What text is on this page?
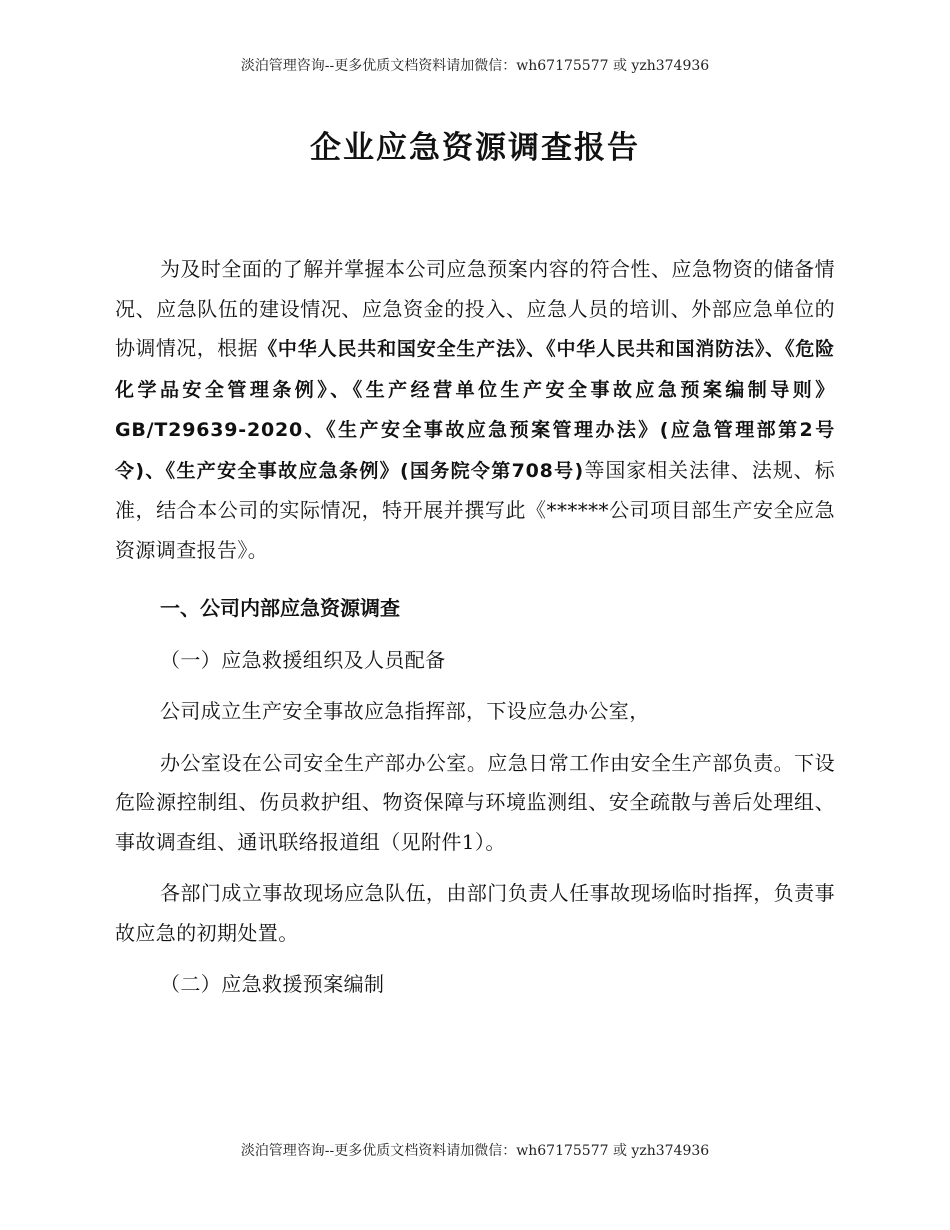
淡泊管理咨询--更多优质文档资料请加微信：wh67175577 或 yzh374936
企业应急资源调查报告

为及时全面的了解并掌握本公司应急预案内容的符合性、应急物资的储备情况、应急队伍的建设情况、应急资金的投入、应急人员的培训、外部应急单位的协调情况，根据《中华人民共和国安全生产法》、《中华人民共和国消防法》、《危险化学品安全管理条例》、《生产经营单位生产安全事故应急预案编制导则》GB/T29639-2020、《生产安全事故应急预案管理办法》(应急管理部第2号令)、《生产安全事故应急条例》(国务院令第708号)等国家相关法律、法规、标准，结合本公司的实际情况，特开展并撰写此《******公司项目部生产安全应急资源调查报告》。

一、公司内部应急资源调查

（一）应急救援组织及人员配备

公司成立生产安全事故应急指挥部，下设应急办公室，

办公室设在公司安全生产部办公室。应急日常工作由安全生产部负责。下设危险源控制组、伤员救护组、物资保障与环境监测组、安全疏散与善后处理组、事故调查组、通讯联络报道组（见附件1）。

各部门成立事故现场应急队伍，由部门负责人任事故现场临时指挥，负责事故应急的初期处置。

（二）应急救援预案编制

淡泊管理咨询--更多优质文档资料请加微信：wh67175577 或 yzh374936
